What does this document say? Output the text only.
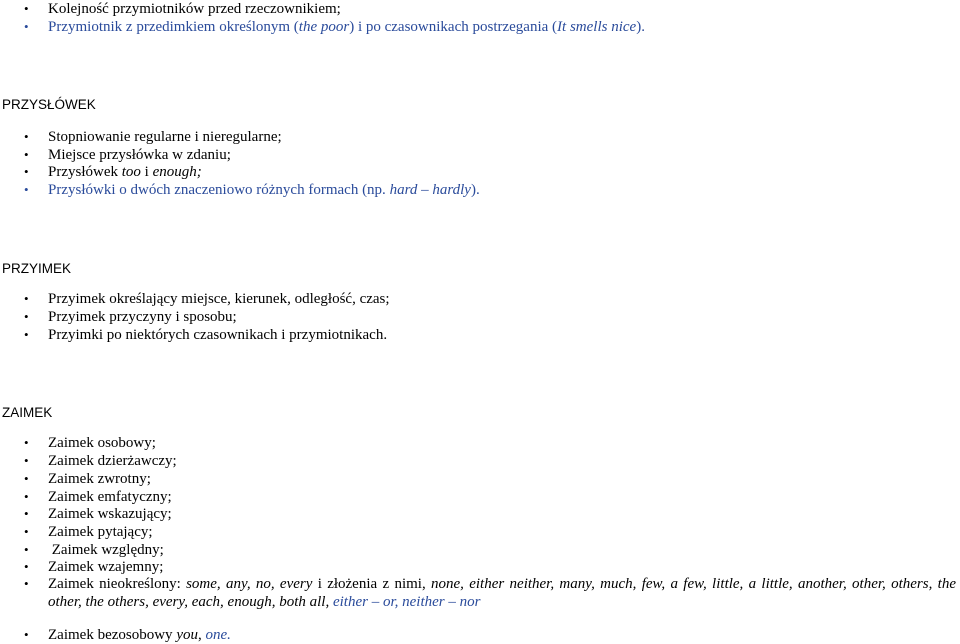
• Kolejność przymiotników przed rzeczownikiem;
• Przymiotnik z przedimkiem określonym (the poor) i po czasownikach postrzegania (It smells nice).
PRZYSŁÓWEK
• Stopniowanie regularne i nieregularne;
• Miejsce przysłówka w zdaniu;
• Przysłówek too i enough;
• Przysłówki o dwóch znaczeniowo różnych formach (np. hard – hardly).
PRZYIMEK
• Przyimek określający miejsce, kierunek, odległość, czas;
• Przyimek przyczyny i sposobu;
• Przyimki po niektórych czasownikach i przymiotnikach.
ZAIMEK
• Zaimek osobowy;
• Zaimek dzierżawczy;
• Zaimek zwrotny;
• Zaimek emfatyczny;
• Zaimek wskazujący;
• Zaimek pytający;
• Zaimek względny;
• Zaimek wzajemny;
• Zaimek nieokreślony: some, any, no, every i złożenia z nimi, none, either neither, many, much, few, a few, little, a little, another, other, others, the other, the others, every, each, enough, both all, either – or, neither – nor
• Zaimek bezosobowy you, one.
